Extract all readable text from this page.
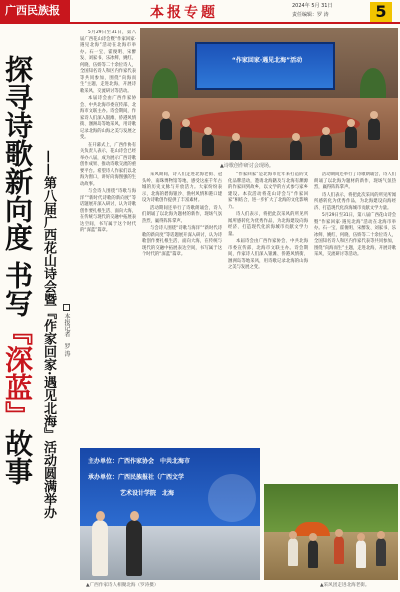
广西民族报	本报专题	2024年 5月 31日
责任编辑：罗 涛	5
探寻诗歌新向度 书写『深蓝』故事 ——第八届广西花山诗会暨『作家回家·遇见北海』活动圆满举办 本报记者　罗 涛
“作家回家·遇见北海”活动
▲诗歌创作研讨会现场。

5月29日至31日，第八届广西花山诗会暨“作家回家·遇见北海”活动在北海市举办。石一宝、霍俊明、宋醉发、刘家书、乐冰鲜、姚红、何晓、伍娇等二十余位诗人，全国知名诗人和区内作家代表等共同参加，围绕“向海而生”主题，走进北海，开展诗歌采风、交流研讨等活动。

本届诗会由广西作家协会、中共北海市委宣传部、北海市文联主办。诗会期间，作家诗人们深入银滩、侨港风情街、涠洲岛等地采风，用诗歌记录北海的山海之美与发展之变。

在开幕式上，广西作协有关负责人表示，花山诗会已经举办八届，成为展示广西诗歌创作成果、推动诗歌交流的重要平台。希望诗人作家们以北海为窗口，讲好向海图强的生动故事。

与会诗人围绕“诗歌与海洋”“新时代诗歌的新向度”等话题展开深入研讨，认为诗歌创作要扎根生活、面向大海，在传统与现代的交融中拓展表达空间，书写属于这个时代的“深蓝”篇章。

采风期间，诗人们走进北海老街、冠头岭、南珠博物馆等地，感受这座千年古城的历史文脉与开放活力。大家纷纷表示，北海的碧海银沙、渔村风情和港口建设为诗歌创作提供了丰富素材。

活动期间还举行了诗歌朗诵会，诗人们朗诵了以北海为题材的新作，现场气氛热烈，赢得阵阵掌声。

与会诗人围绕“诗歌与海洋”“新时代诗歌的新向度”等话题展开深入研讨，认为诗歌创作要扎根生活、面向大海，在传统与现代的交融中拓展表达空间，书写属于这个时代的“深蓝”篇章。

“作家回家”是北海市近年来打造的文化品牌活动，邀请北海籍及与北海有渊源的作家回到故乡，以文学的方式参与家乡建设。本次活动将花山诗会与“作家回家”相结合，进一步扩大了北海的文化影响力。

诗人们表示，将把此次采风的所见所闻所感转化为优秀作品，为北海建设向海经济、打造现代化滨海城市贡献文学力量。

本届诗会由广西作家协会、中共北海市委宣传部、北海市文联主办。诗会期间，作家诗人们深入银滩、侨港风情街、涠洲岛等地采风，用诗歌记录北海的山海之美与发展之变。

活动期间还举行了诗歌朗诵会，诗人们朗诵了以北海为题材的新作，现场气氛热烈，赢得阵阵掌声。

诗人们表示，将把此次采风的所见所闻所感转化为优秀作品，为北海建设向海经济、打造现代化滨海城市贡献文学力量。

5月29日至31日，第八届广西花山诗会暨“作家回家·遇见北海”活动在北海市举办。石一宝、霍俊明、宋醉发、刘家书、乐冰鲜、姚红、何晓、伍娇等二十余位诗人，全国知名诗人和区内作家代表等共同参加，围绕“向海而生”主题，走进北海，开展诗歌采风、交流研讨等活动。

主办单位：广西作家协会　中共北海市
承办单位：广西民族报社（广西文学
艺术设计学院　北海
▲广西作家诗人相聚北海（罗涛摄）	▲采风团走进北海老街。
